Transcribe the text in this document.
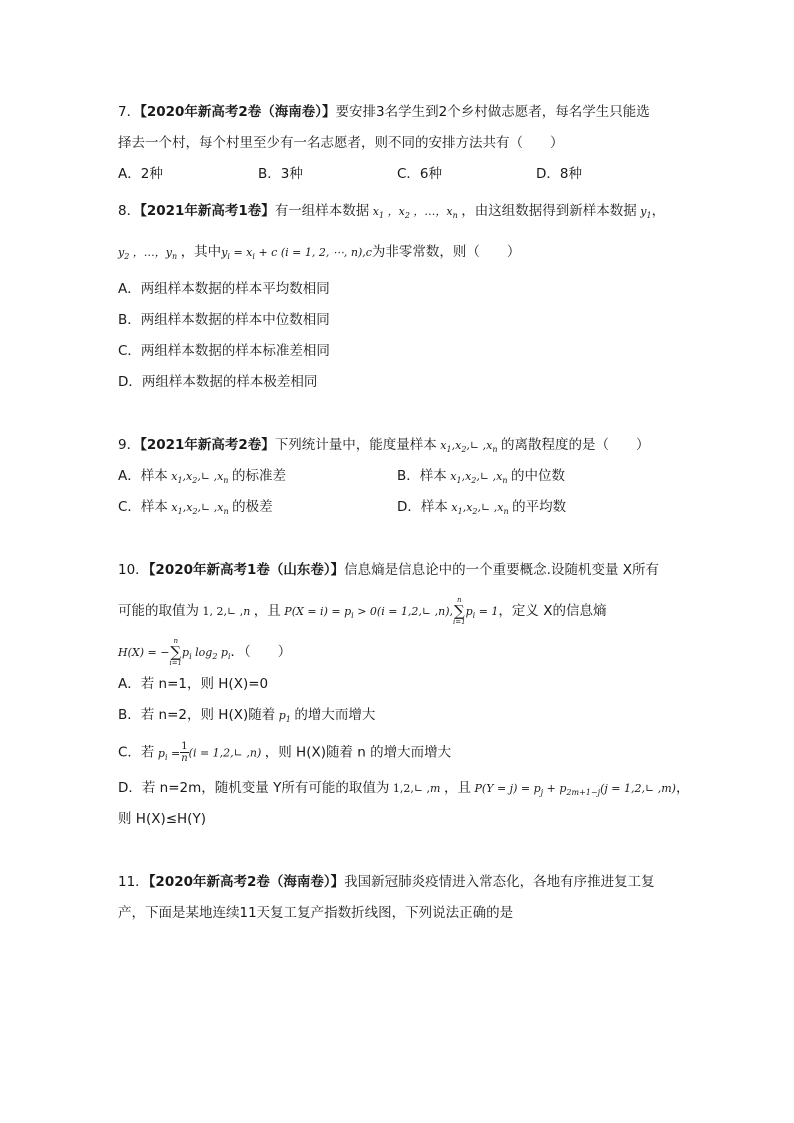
7．【2020年新高考2卷（海南卷）】要安排3名学生到2个乡村做志愿者，每名学生只能选
择去一个村，每个村里至少有一名志愿者，则不同的安排方法共有（　　）
A．2种	B．3种	C．6种	D．8种
8．【2021年新高考1卷】有一组样本数据 $x_1$ ，$x_2$ ，…，$x_n$ ，由这组数据得到新样本数据 $y_1$，
$y_2$ ，…，$y_n$ ，其中$y_i = x_i + c$ (i = 1, 2, ⋯, n),c为非零常数，则（　　）
A．两组样本数据的样本平均数相同
B．两组样本数据的样本中位数相同
C．两组样本数据的样本标准差相同
D．两组样本数据的样本极差相同
9．【2021年新高考2卷】下列统计量中，能度量样本 $x_1,x_2,∟$ $,x_n$ 的离散程度的是（　　）
A．样本 $x_1,x_2,∟$ $,x_n$ 的标准差	B．样本 $x_1,x_2,∟$ $,x_n$ 的中位数
C．样本 $x_1,x_2,∟$ $,x_n$ 的极差	D．样本 $x_1,x_2,∟$ $,x_n$ 的平均数
10．【2020年新高考1卷（山东卷）】信息熵是信息论中的一个重要概念.设随机变量 X所有
可能的取值为 1, 2,∟ ,n ，且 $P(X = i) = p_i > 0(i$ = 1,2,∟ ,n),
n
∑
i=1
$p_i = 1$，定义 X的信息熵
H(X) = −
n
∑
i=1
$p_i$ $\log_2 p_i$．（　　）
A．若 n=1，则 H(X)=0
B．若 n=2，则 H(X)随着 $p_1$ 的增大而增大
C．若 $p_i = \frac{1}{n} (i$ = 1,2,∟ ,n) ，则 H(X)随着 n 的增大而增大
D．若 n=2m，随机变量 Y所有可能的取值为 1,2,∟ ,m ，且 $P(Y = j) = p_j + p_{2m+1-j}(j$ = 1,2,∟ ,m)，
则 H(X)≤H(Y)
11．【2020年新高考2卷（海南卷）】我国新冠肺炎疫情进入常态化，各地有序推进复工复
产，下面是某地连续11天复工复产指数折线图，下列说法正确的是
